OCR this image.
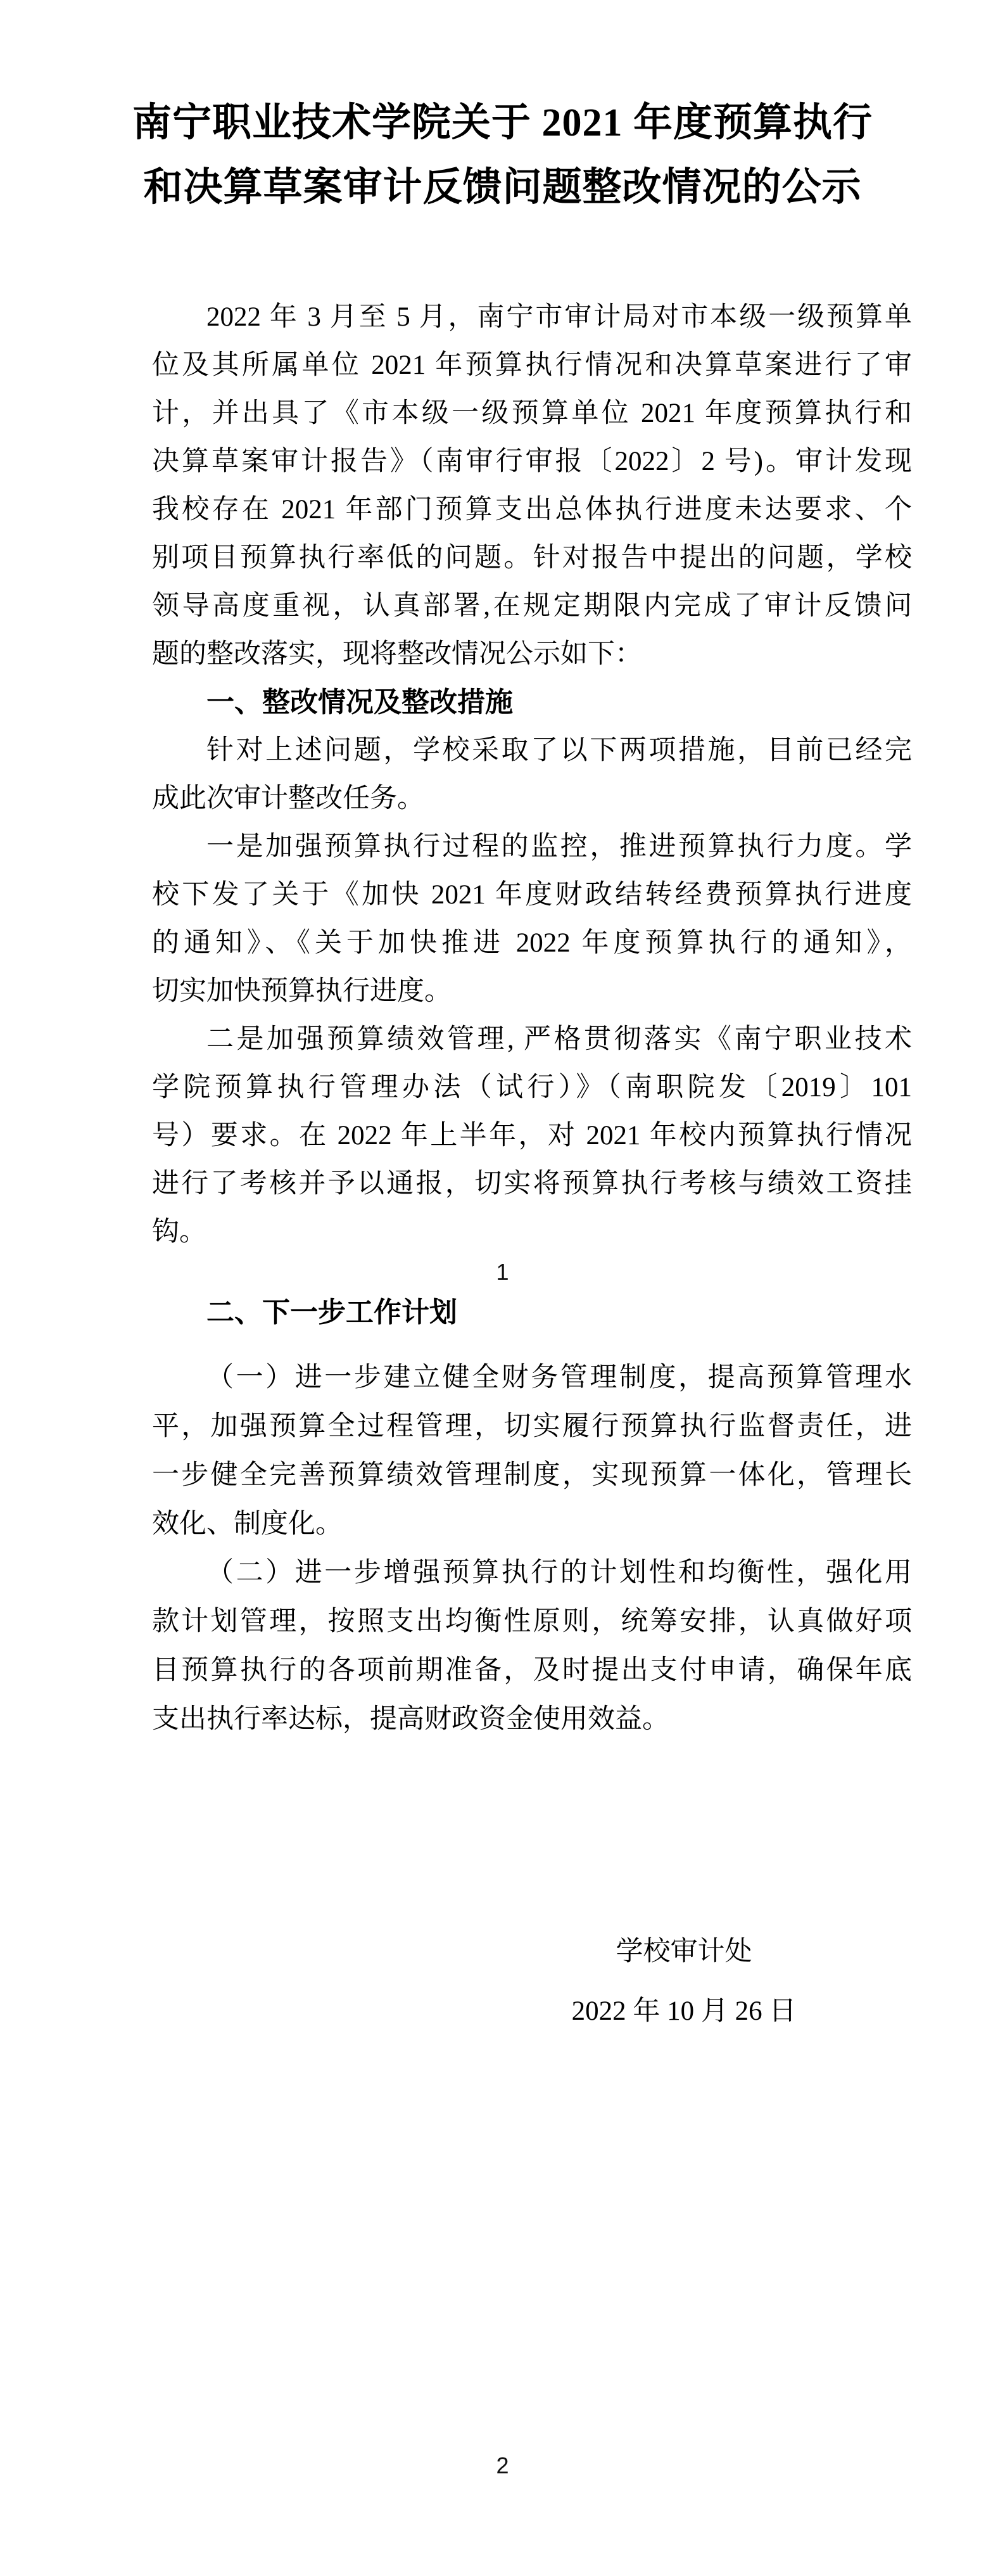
南宁职业技术学院关于 2021 年度预算执行
和决算草案审计反馈问题整改情况的公示
2022 年 3 月至 5 月，南宁市审计局对市本级一级预算单
位及其所属单位 2021 年预算执行情况和决算草案进行了审
计，并出具了《市本级一级预算单位 2021 年度预算执行和
决算草案审计报告》（南审行审报〔2022〕2 号)。审计发现
我校存在 2021 年部门预算支出总体执行进度未达要求、个
别项目预算执行率低的问题。针对报告中提出的问题，学校
领导高度重视，认真部署,在规定期限内完成了审计反馈问
题的整改落实，现将整改情况公示如下：
一、整改情况及整改措施
针对上述问题，学校采取了以下两项措施，目前已经完
成此次审计整改任务。
一是加强预算执行过程的监控，推进预算执行力度。学
校下发了关于《加快 2021 年度财政结转经费预算执行进度
的通知》、《关于加快推进 2022 年度预算执行的通知》，
切实加快预算执行进度。
二是加强预算绩效管理, 严格贯彻落实《南宁职业技术
学院预算执行管理办法（试行）》（南职院发〔2019〕101
号）要求。在 2022 年上半年，对 2021 年校内预算执行情况
进行了考核并予以通报，切实将预算执行考核与绩效工资挂
钩。
1
二、下一步工作计划
（一）进一步建立健全财务管理制度，提高预算管理水
平，加强预算全过程管理，切实履行预算执行监督责任，进
一步健全完善预算绩效管理制度，实现预算一体化，管理长
效化、制度化。
（二）进一步增强预算执行的计划性和均衡性，强化用
款计划管理，按照支出均衡性原则，统筹安排，认真做好项
目预算执行的各项前期准备，及时提出支付申请，确保年底
支出执行率达标，提高财政资金使用效益。
学校审计处
2022 年 10 月 26 日
2
